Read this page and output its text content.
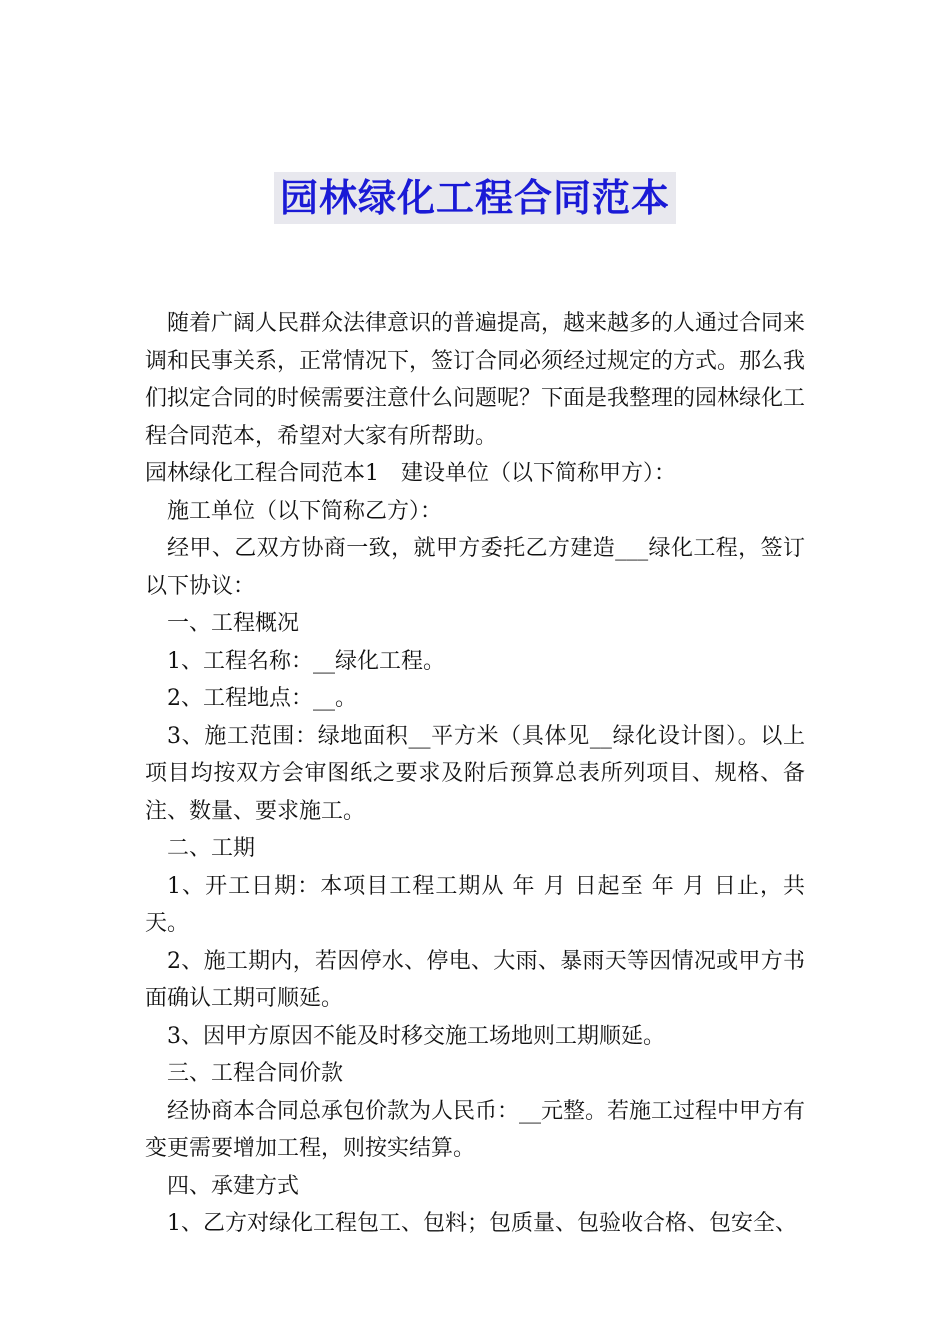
园林绿化工程合同范本

随着广阔人民群众法律意识的普遍提高，越来越多的人通过合同来调和民事关系，正常情况下，签订合同必须经过规定的方式。那么我们拟定合同的时候需要注意什么问题呢？下面是我整理的园林绿化工程合同范本，希望对大家有所帮助。

园林绿化工程合同范本1　建设单位（以下简称甲方）：

施工单位（以下简称乙方）：

经甲、乙双方协商一致，就甲方委托乙方建造___绿化工程，签订以下协议：

一、工程概况

1、工程名称：__绿化工程。

2、工程地点：__。

3、施工范围：绿地面积__平方米（具体见__绿化设计图）。以上项目均按双方会审图纸之要求及附后预算总表所列项目、规格、备注、数量、要求施工。

二、工期

1、开工日期：本项目工程工期从 年 月 日起至 年 月 日止，共 天。

2、施工期内，若因停水、停电、大雨、暴雨天等因情况或甲方书面确认工期可顺延。

3、因甲方原因不能及时移交施工场地则工期顺延。

三、工程合同价款

经协商本合同总承包价款为人民币：__元整。若施工过程中甲方有变更需要增加工程，则按实结算。

四、承建方式

1、乙方对绿化工程包工、包料；包质量、包验收合格、包安全、
